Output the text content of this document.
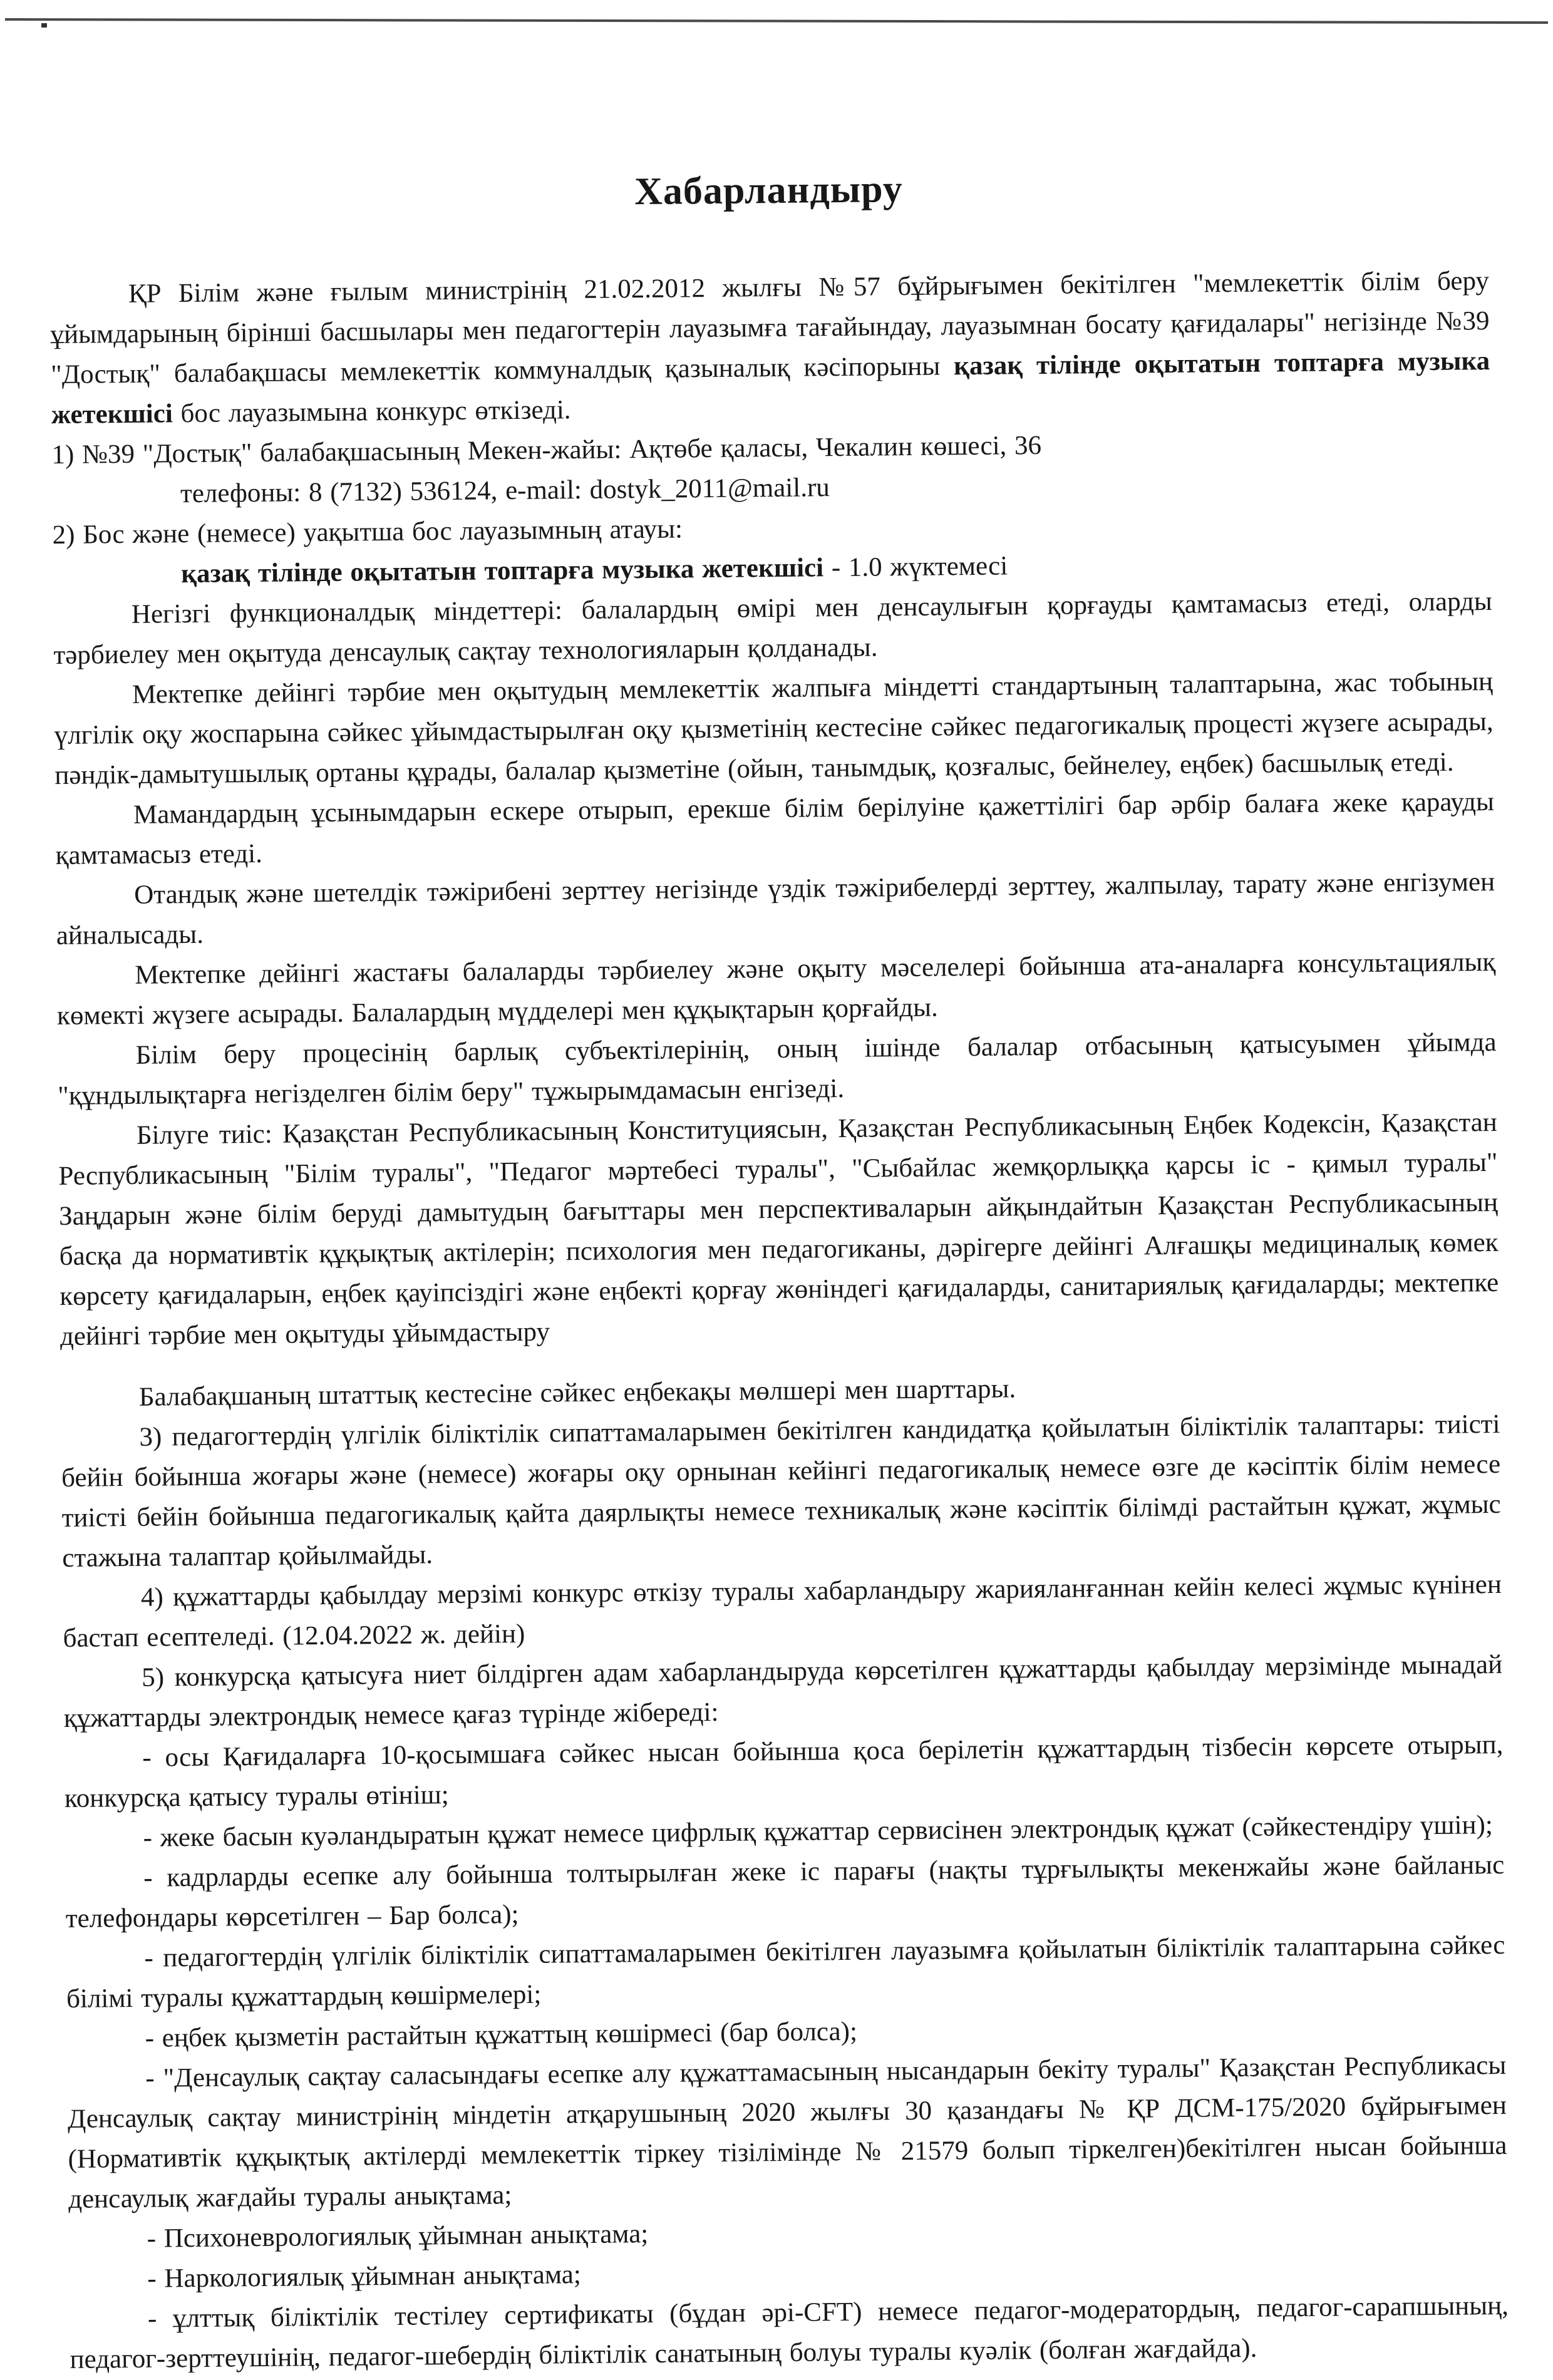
Хабарландыру

ҚР Білім және ғылым министрінің 21.02.2012 жылғы №57 бұйрығымен бекітілген "мемлекеттік білім беру ұйымдарының бірінші басшылары мен педагогтерін лауазымға тағайындау, лауазымнан босату қағидалары" негізінде №39 "Достық" балабақшасы мемлекеттік коммуналдық қазыналық кәсіпорыны қазақ тілінде оқытатын топтарға музыка жетекшісі бос лауазымына конкурс өткізеді.

1) №39 "Достық" балабақшасының Мекен-жайы: Ақтөбе қаласы, Чекалин көшесі, 36

телефоны: 8 (7132) 536124, e-mail: dostyk_2011@mail.ru

2) Бос және (немесе) уақытша бос лауазымның атауы:

қазақ тілінде оқытатын топтарға музыка жетекшісі - 1.0 жүктемесі

Негізгі функционалдық міндеттері: балалардың өмірі мен денсаулығын қорғауды қамтамасыз етеді, оларды тәрбиелеу мен оқытуда денсаулық сақтау технологияларын қолданады.

Мектепке дейінгі тәрбие мен оқытудың мемлекеттік жалпыға міндетті стандартының талаптарына, жас тобының үлгілік оқу жоспарына сәйкес ұйымдастырылған оқу қызметінің кестесіне сәйкес педагогикалық процесті жүзеге асырады, пәндік-дамытушылық ортаны құрады, балалар қызметіне (ойын, танымдық, қозғалыс, бейнелеу, еңбек) басшылық етеді.

Мамандардың ұсынымдарын ескере отырып, ерекше білім берілуіне қажеттілігі бар әрбір балаға жеке қарауды қамтамасыз етеді.

Отандық және шетелдік тәжірибені зерттеу негізінде үздік тәжірибелерді зерттеу, жалпылау, тарату және енгізумен айналысады.

Мектепке дейінгі жастағы балаларды тәрбиелеу және оқыту мәселелері бойынша ата-аналарға консультациялық көмекті жүзеге асырады. Балалардың мүдделері мен құқықтарын қорғайды.

Білім беру процесінің барлық субъектілерінің, оның ішінде балалар отбасының қатысуымен ұйымда "құндылықтарға негізделген білім беру" тұжырымдамасын енгізеді.

Білуге тиіс: Қазақстан Республикасының Конституциясын, Қазақстан Республикасының Еңбек Кодексін, Қазақстан Республикасының "Білім туралы", "Педагог мәртебесі туралы", "Сыбайлас жемқорлыққа қарсы іс - қимыл туралы" Заңдарын және білім беруді дамытудың бағыттары мен перспективаларын айқындайтын Қазақстан Республикасының басқа да нормативтік құқықтық актілерін; психология мен педагогиканы, дәрігерге дейінгі Алғашқы медициналық көмек көрсету қағидаларын, еңбек қауіпсіздігі және еңбекті қорғау жөніндегі қағидаларды, санитариялық қағидаларды; мектепке дейінгі тәрбие мен оқытуды ұйымдастыру

Балабақшаның штаттық кестесіне сәйкес еңбекақы мөлшері мен шарттары.

3) педагогтердің үлгілік біліктілік сипаттамаларымен бекітілген кандидатқа қойылатын біліктілік талаптары: тиісті бейін бойынша жоғары және (немесе) жоғары оқу орнынан кейінгі педагогикалық немесе өзге де кәсіптік білім немесе тиісті бейін бойынша педагогикалық қайта даярлықты немесе техникалық және кәсіптік білімді растайтын құжат, жұмыс стажына талаптар қойылмайды.

4) құжаттарды қабылдау мерзімі конкурс өткізу туралы хабарландыру жарияланғаннан кейін келесі жұмыс күнінен бастап есептеледі. (12.04.2022 ж. дейін)

5) конкурсқа қатысуға ниет білдірген адам хабарландыруда көрсетілген құжаттарды қабылдау мерзімінде мынадай құжаттарды электрондық немесе қағаз түрінде жібереді:

- осы Қағидаларға 10-қосымшаға сәйкес нысан бойынша қоса берілетін құжаттардың тізбесін көрсете отырып, конкурсқа қатысу туралы өтініш;

- жеке басын куәландыратын құжат немесе цифрлық құжаттар сервисінен электрондық құжат (сәйкестендіру үшін);

- кадрларды есепке алу бойынша толтырылған жеке іс парағы (нақты тұрғылықты мекенжайы және байланыс телефондары көрсетілген – Бар болса);

- педагогтердің үлгілік біліктілік сипаттамаларымен бекітілген лауазымға қойылатын біліктілік талаптарына сәйкес білімі туралы құжаттардың көшірмелері;

- еңбек қызметін растайтын құжаттың көшірмесі (бар болса);

- "Денсаулық сақтау саласындағы есепке алу құжаттамасының нысандарын бекіту туралы" Қазақстан Республикасы Денсаулық сақтау министрінің міндетін атқарушының 2020 жылғы 30 қазандағы № ҚР ДСМ-175/2020 бұйрығымен (Нормативтік құқықтық актілерді мемлекеттік тіркеу тізілімінде № 21579 болып тіркелген)бекітілген нысан бойынша денсаулық жағдайы туралы анықтама;

- Психоневрологиялық ұйымнан анықтама;

- Наркологиялық ұйымнан анықтама;

- ұлттық біліктілік тестілеу сертификаты (бұдан әрі-CFT) немесе педагог-модератордың, педагог-сарапшының, педагог-зерттеушінің, педагог-шебердің біліктілік санатының болуы туралы куәлік (болған жағдайда).
